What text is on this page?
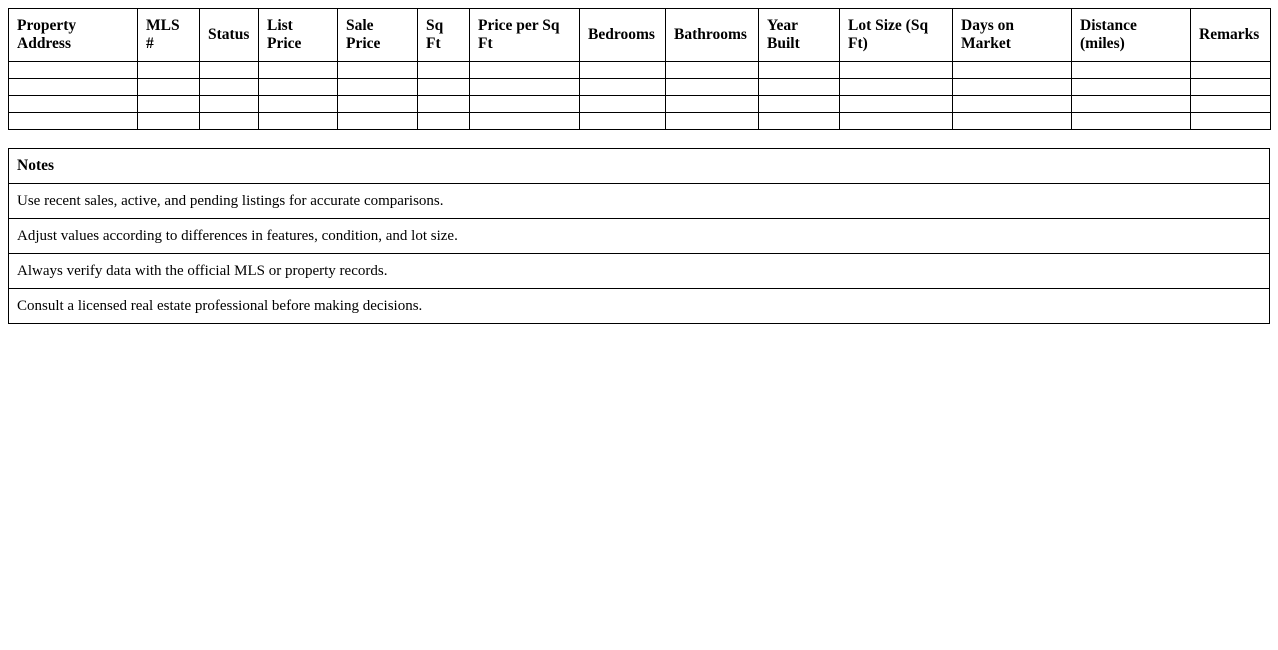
Property Address	MLS #	Status	List Price	Sale Price	Sq Ft	Price per Sq Ft	Bedrooms	Bathrooms	Year Built	Lot Size (Sq Ft)	Days on Market	Distance (miles)	Remarks

Notes
Use recent sales, active, and pending listings for accurate comparisons.
Adjust values according to differences in features, condition, and lot size.
Always verify data with the official MLS or property records.
Consult a licensed real estate professional before making decisions.
